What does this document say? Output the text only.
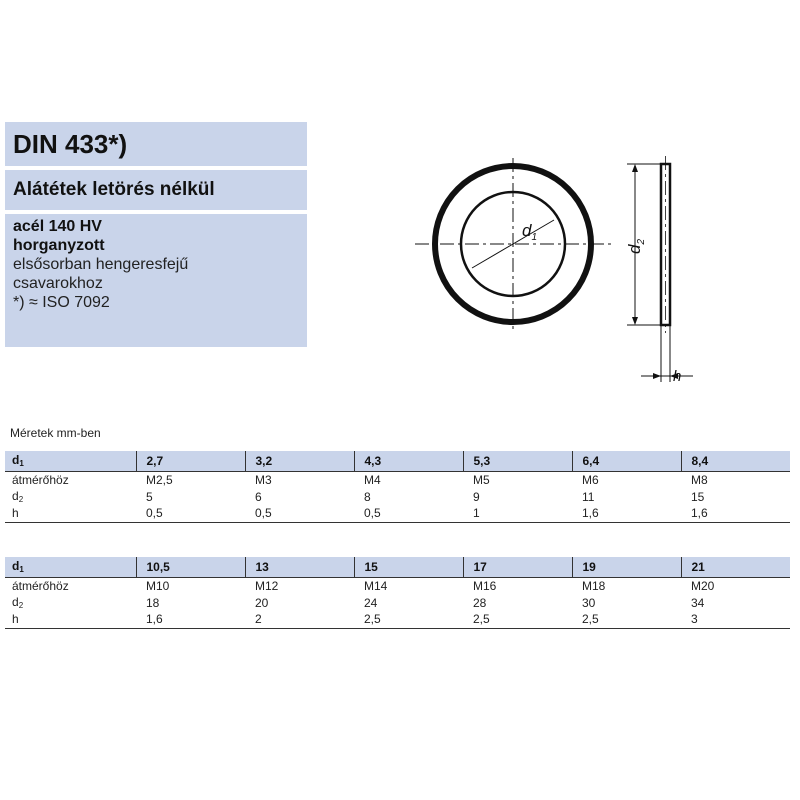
DIN 433*)
Alátétek letörés nélkül
acél 140 HV
horganyzott
elsősorban hengeresfejű
csavarokhoz
*) ≈ ISO 7092
$d_1$
$d_2$
h
Méretek mm-ben
$d_1$	2,7	3,2	4,3	5,3	6,4	8,4
átmérőhöz	M2,5	M3	M4	M5	M6	M8
$d_2$	5	6	8	9	11	15
h	0,5	0,5	0,5	1	1,6	1,6
$d_1$	10,5	13	15	17	19	21
átmérőhöz	M10	M12	M14	M16	M18	M20
$d_2$	18	20	24	28	30	34
h	1,6	2	2,5	2,5	2,5	3
